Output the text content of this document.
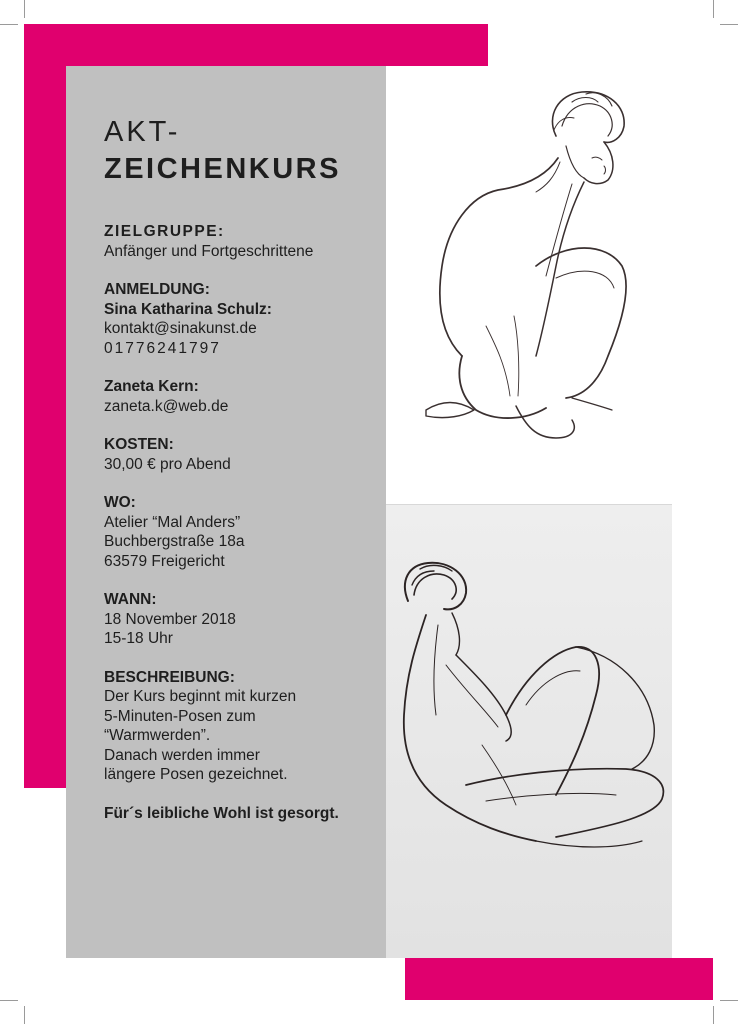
AKT-
ZEICHENKURS
ZIELGRUPPE:
Anfänger und Fortgeschrittene
ANMELDUNG:
Sina Katharina Schulz:
kontakt@sinakunst.de
01776241797
Zaneta Kern:
zaneta.k@web.de
KOSTEN:
30,00 € pro Abend
WO:
Atelier “Mal Anders”
Buchbergstraße 18a
63579 Freigericht
WANN:
18 November 2018
15-18 Uhr
BESCHREIBUNG:
Der Kurs beginnt mit kurzen
5-Minuten-Posen zum
“Warmwerden”.
Danach werden immer
längere Posen gezeichnet.
Für´s leibliche Wohl ist gesorgt.
